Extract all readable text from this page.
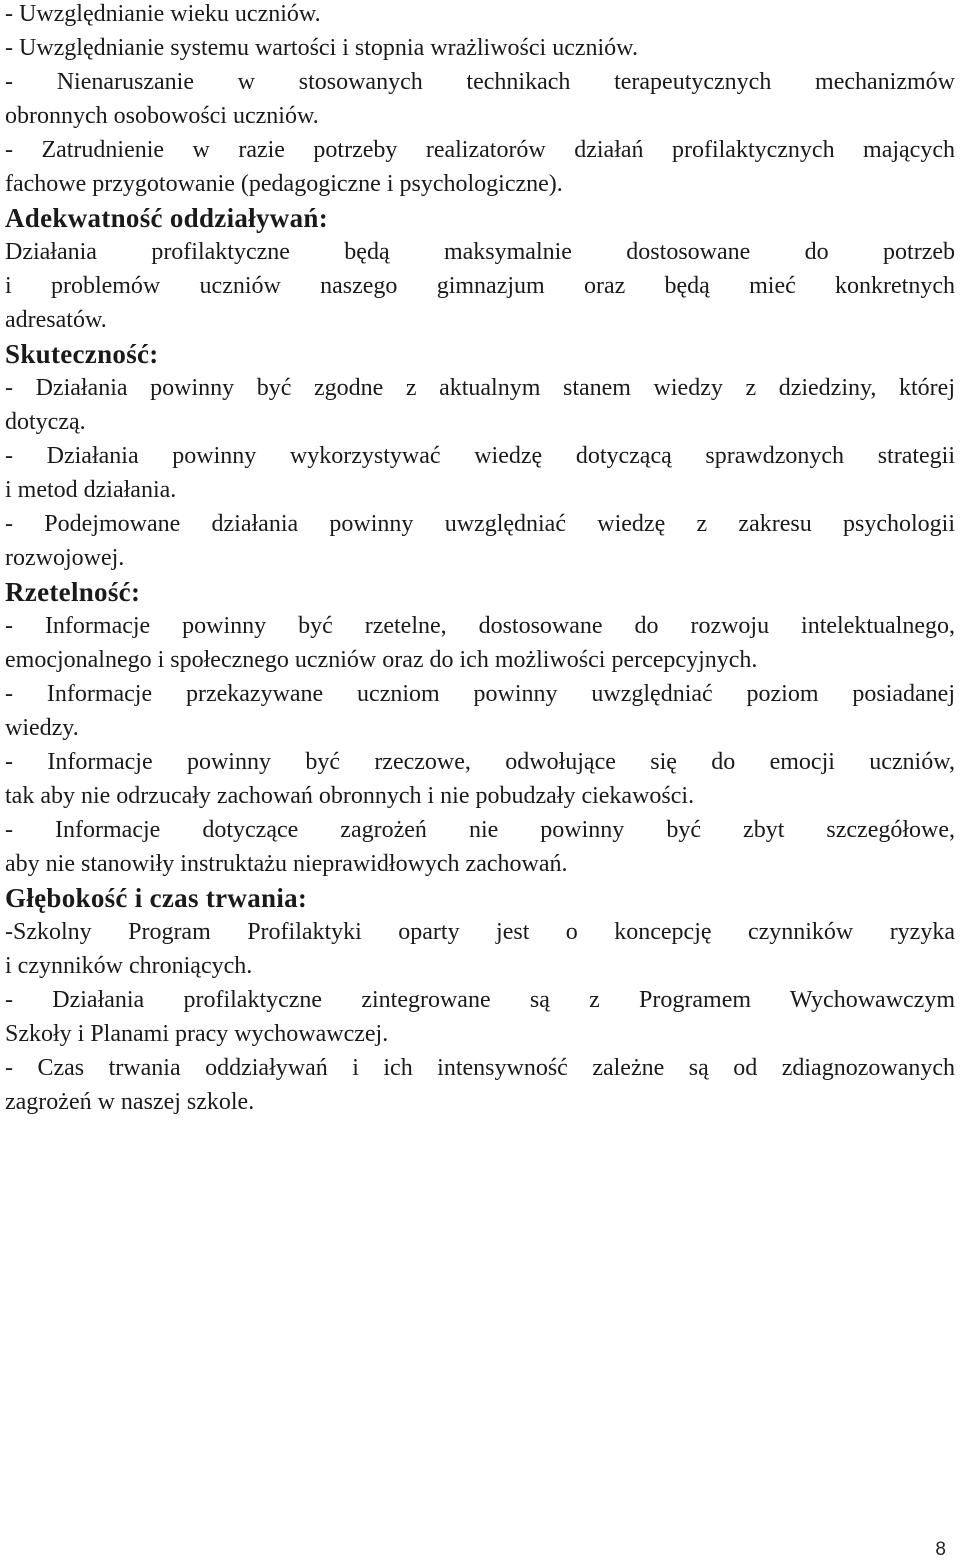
- Uwzględnianie wieku uczniów.
- Uwzględnianie systemu wartości i stopnia wrażliwości uczniów.
- Nienaruszanie w stosowanych technikach terapeutycznych mechanizmów
obronnych osobowości uczniów.
- Zatrudnienie w razie potrzeby realizatorów działań profilaktycznych mających
fachowe przygotowanie (pedagogiczne i psychologiczne).
Adekwatność oddziaływań:
Działania profilaktyczne będą maksymalnie dostosowane do potrzeb
i problemów uczniów naszego gimnazjum oraz będą mieć konkretnych
adresatów.
Skuteczność:
- Działania powinny być zgodne z aktualnym stanem wiedzy z dziedziny, której
dotyczą.
- Działania powinny wykorzystywać wiedzę dotyczącą sprawdzonych strategii
i metod działania.
- Podejmowane działania powinny uwzględniać wiedzę z zakresu psychologii
rozwojowej.
Rzetelność:
- Informacje powinny być rzetelne, dostosowane do rozwoju intelektualnego,
emocjonalnego i społecznego uczniów oraz do ich możliwości percepcyjnych.
- Informacje przekazywane uczniom powinny uwzględniać poziom posiadanej
wiedzy.
- Informacje powinny być rzeczowe, odwołujące się do emocji uczniów,
tak aby nie odrzucały zachowań obronnych i nie pobudzały ciekawości.
- Informacje dotyczące zagrożeń nie powinny być zbyt szczegółowe,
aby nie stanowiły instruktażu nieprawidłowych zachowań.
Głębokość i czas trwania:
-Szkolny Program Profilaktyki oparty jest o koncepcję czynników ryzyka
i czynników chroniących.
- Działania profilaktyczne zintegrowane są z Programem Wychowawczym
Szkoły i Planami pracy wychowawczej.
- Czas trwania oddziaływań i ich intensywność zależne są od zdiagnozowanych
zagrożeń w naszej szkole.
8
